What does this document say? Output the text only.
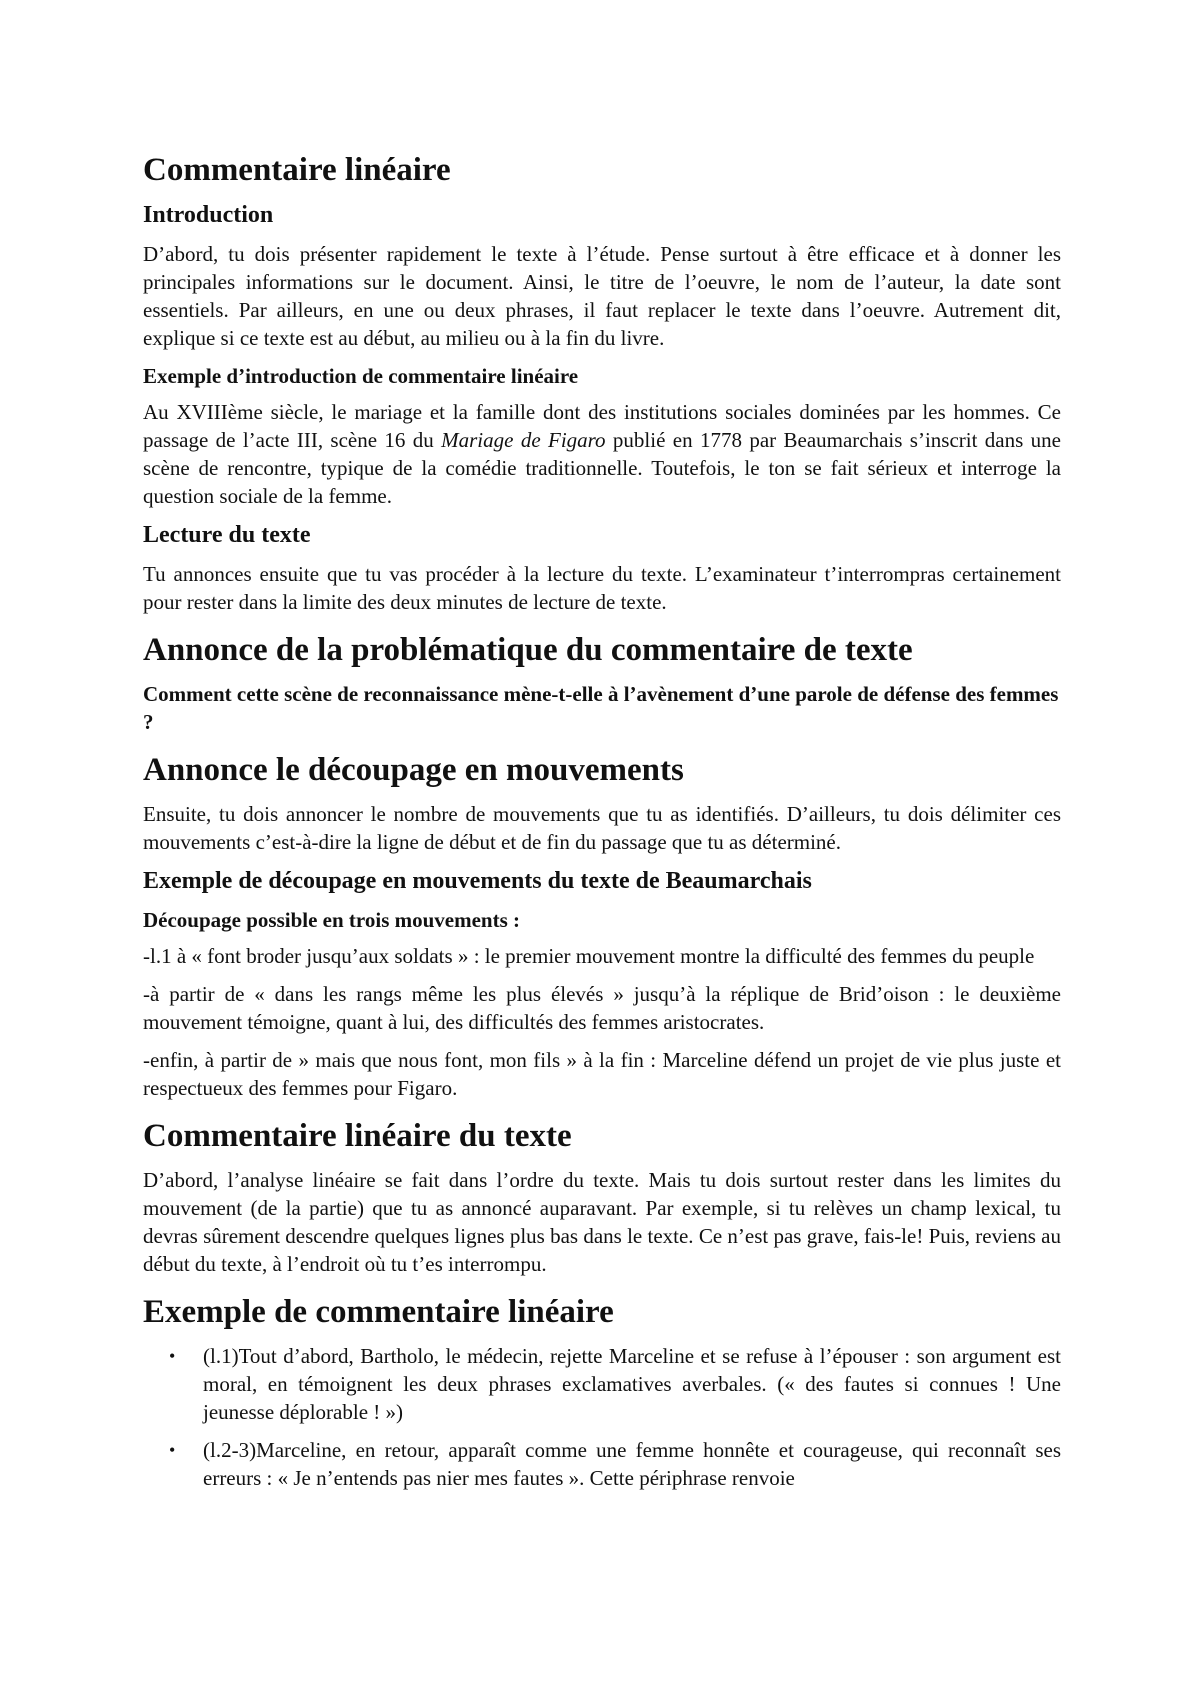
Commentaire linéaire
Introduction

D’abord, tu dois présenter rapidement le texte à l’étude. Pense surtout à être efficace et à donner les principales informations sur le document. Ainsi, le titre de l’oeuvre, le nom de l’auteur, la date sont essentiels. Par ailleurs, en une ou deux phrases, il faut replacer le texte dans l’oeuvre. Autrement dit, explique si ce texte est au début, au milieu ou à la fin du livre.

Exemple d’introduction de commentaire linéaire

Au XVIIIème siècle, le mariage et la famille dont des institutions sociales dominées par les hommes. Ce passage de l’acte III, scène 16 du Mariage de Figaro publié en 1778 par Beaumarchais s’inscrit dans une scène de rencontre, typique de la comédie traditionnelle. Toutefois, le ton se fait sérieux et interroge la question sociale de la femme.

Lecture du texte

Tu annonces ensuite que tu vas procéder à la lecture du texte. L’examinateur t’interrompras certainement pour rester dans la limite des deux minutes de lecture de texte.

Annonce de la problématique du commentaire de texte

Comment cette scène de reconnaissance mène-t-elle à l’avènement d’une parole de défense des femmes ?

Annonce le découpage en mouvements

Ensuite, tu dois annoncer le nombre de mouvements que tu as identifiés. D’ailleurs, tu dois délimiter ces mouvements c’est-à-dire la ligne de début et de fin du passage que tu as déterminé.

Exemple de découpage en mouvements du texte de Beaumarchais
Découpage possible en trois mouvements :

-l.1 à « font broder jusqu’aux soldats » : le premier mouvement montre la difficulté des femmes du peuple

-à partir de « dans les rangs même les plus élevés » jusqu’à la réplique de Brid’oison : le deuxième mouvement témoigne, quant à lui, des difficultés des femmes aristocrates.

-enfin, à partir de » mais que nous font, mon fils » à la fin : Marceline défend un projet de vie plus juste et respectueux des femmes pour Figaro.

Commentaire linéaire du texte

D’abord, l’analyse linéaire se fait dans l’ordre du texte. Mais tu dois surtout rester dans les limites du mouvement (de la partie) que tu as annoncé auparavant. Par exemple, si tu relèves un champ lexical, tu devras sûrement descendre quelques lignes plus bas dans le texte. Ce n’est pas grave, fais-le! Puis, reviens au début du texte, à l’endroit où tu t’es interrompu.

Exemple de commentaire linéaire
• (l.1)Tout d’abord, Bartholo, le médecin, rejette Marceline et se refuse à l’épouser : son argument est moral, en témoignent les deux phrases exclamatives averbales. (« des fautes si connues ! Une jeunesse déplorable ! »)
• (l.2-3)Marceline, en retour, apparaît comme une femme honnête et courageuse, qui reconnaît ses erreurs : « Je n’entends pas nier mes fautes ». Cette périphrase renvoie
